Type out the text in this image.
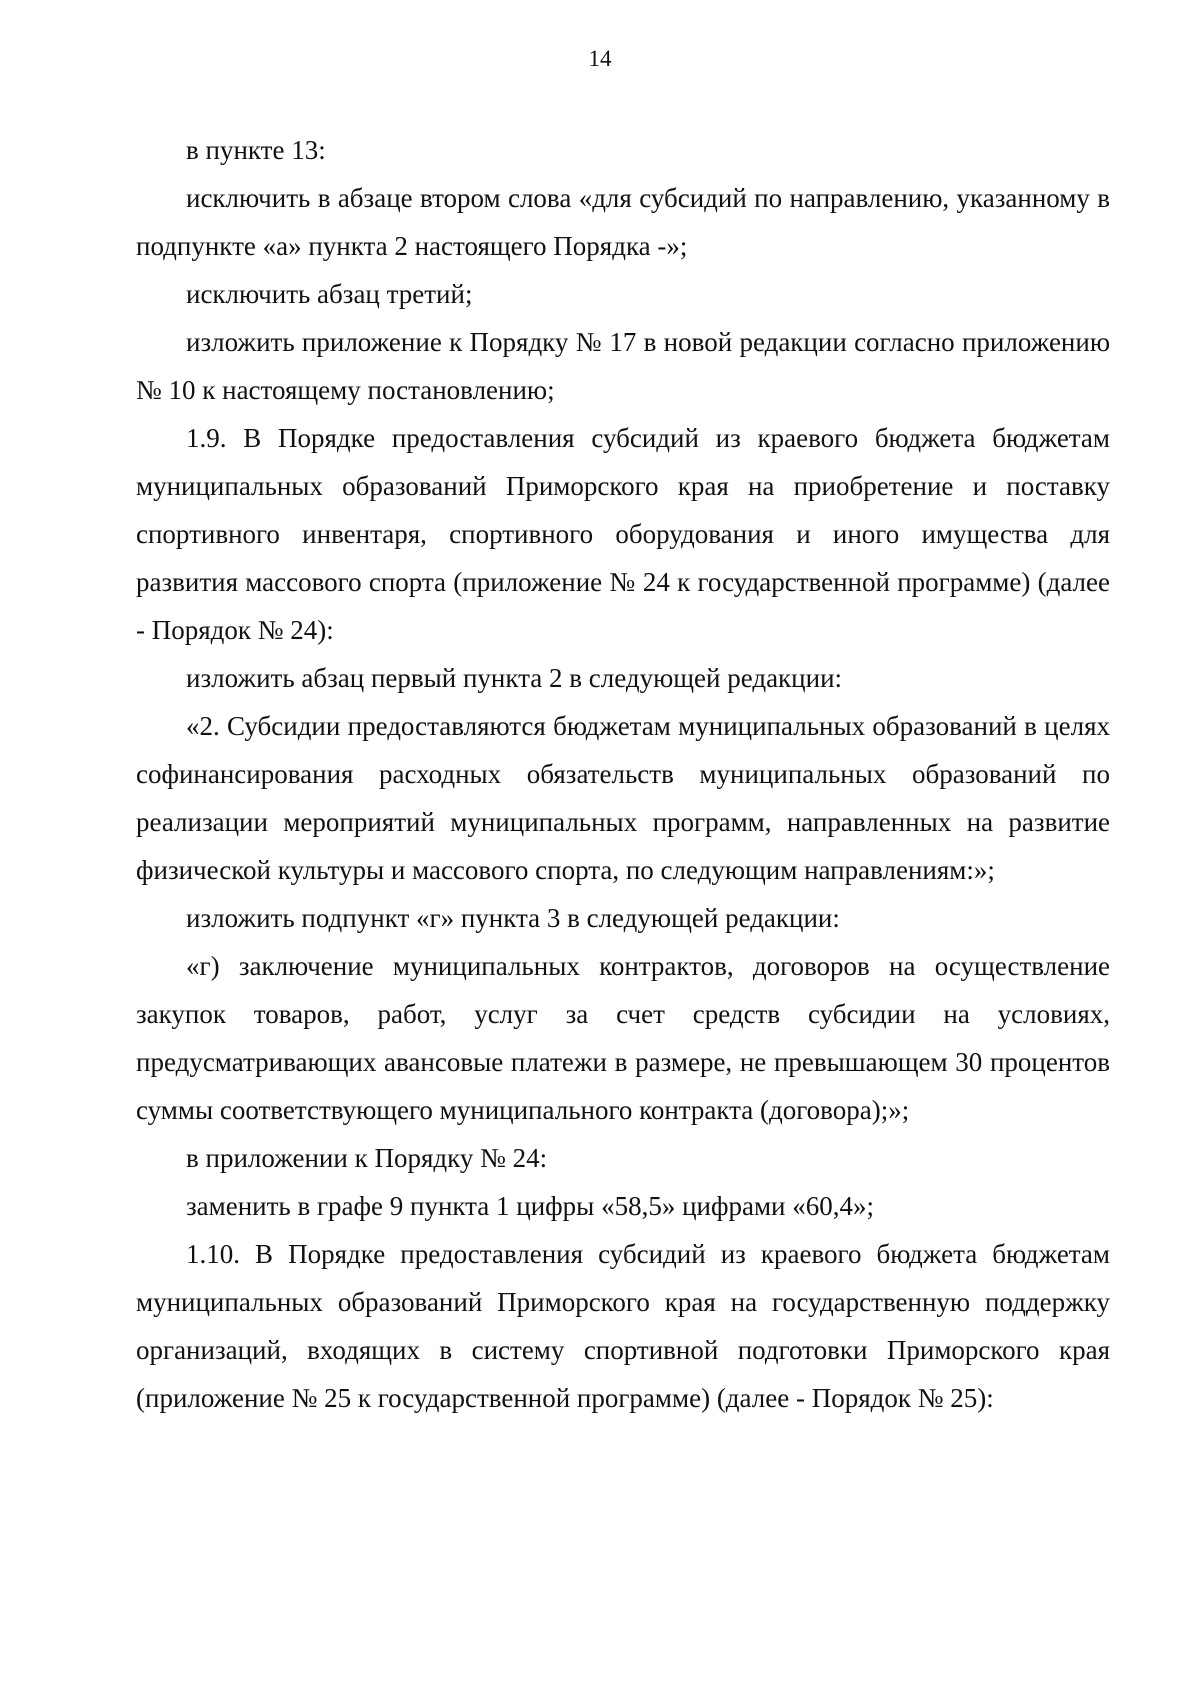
14

в пункте 13:

исключить в абзаце втором слова «для субсидий по направлению, указанному в подпункте «а» пункта 2 настоящего Порядка -»;

исключить абзац третий;

изложить приложение к Порядку № 17 в новой редакции согласно приложению № 10 к настоящему постановлению;

1.9. В Порядке предоставления субсидий из краевого бюджета бюджетам муниципальных образований Приморского края на приобретение и поставку спортивного инвентаря, спортивного оборудования и иного имущества для развития массового спорта (приложение № 24 к государственной программе) (далее - Порядок № 24):

изложить абзац первый пункта 2 в следующей редакции:

«2. Субсидии предоставляются бюджетам муниципальных образований в целях софинансирования расходных обязательств муниципальных образований по реализации мероприятий муниципальных программ, направленных на развитие физической культуры и массового спорта, по следующим направлениям:»;

изложить подпункт «г» пункта 3 в следующей редакции:

«г) заключение муниципальных контрактов, договоров на осуществление закупок товаров, работ, услуг за счет средств субсидии на условиях, предусматривающих авансовые платежи в размере, не превышающем 30 процентов суммы соответствующего муниципального контракта (договора);»;

в приложении к Порядку № 24:

заменить в графе 9 пункта 1 цифры «58,5» цифрами «60,4»;

1.10. В Порядке предоставления субсидий из краевого бюджета бюджетам муниципальных образований Приморского края на государственную поддержку организаций, входящих в систему спортивной подготовки Приморского края (приложение № 25 к государственной программе) (далее - Порядок № 25):
